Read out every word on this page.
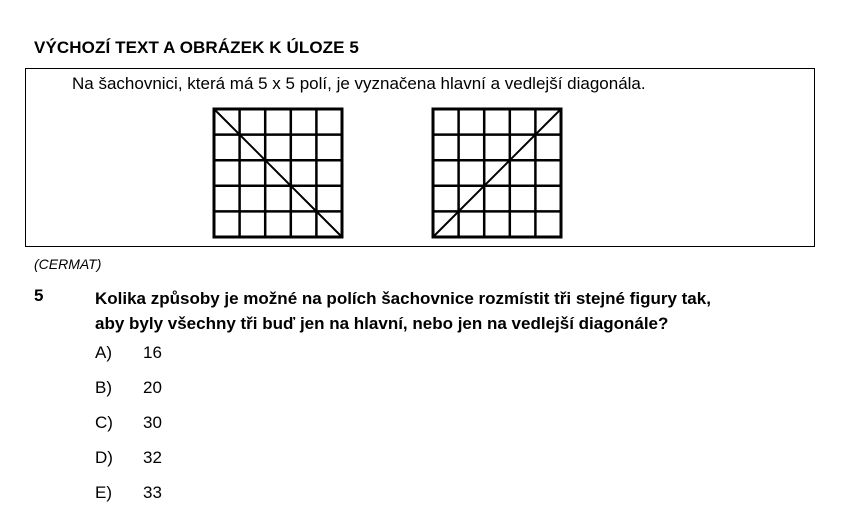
VÝCHOZÍ TEXT A OBRÁZEK K ÚLOZE 5
Na šachovnici, která má 5 x 5 polí, je vyznačena hlavní a vedlejší diagonála.
(CERMAT)
5	Kolika způsoby je možné na polích šachovnice rozmístit tři stejné figury tak,
aby byly všechny tři buď jen na hlavní, nebo jen na vedlejší diagonále?
A) 16
B) 20
C) 30
D) 32
E) 33
